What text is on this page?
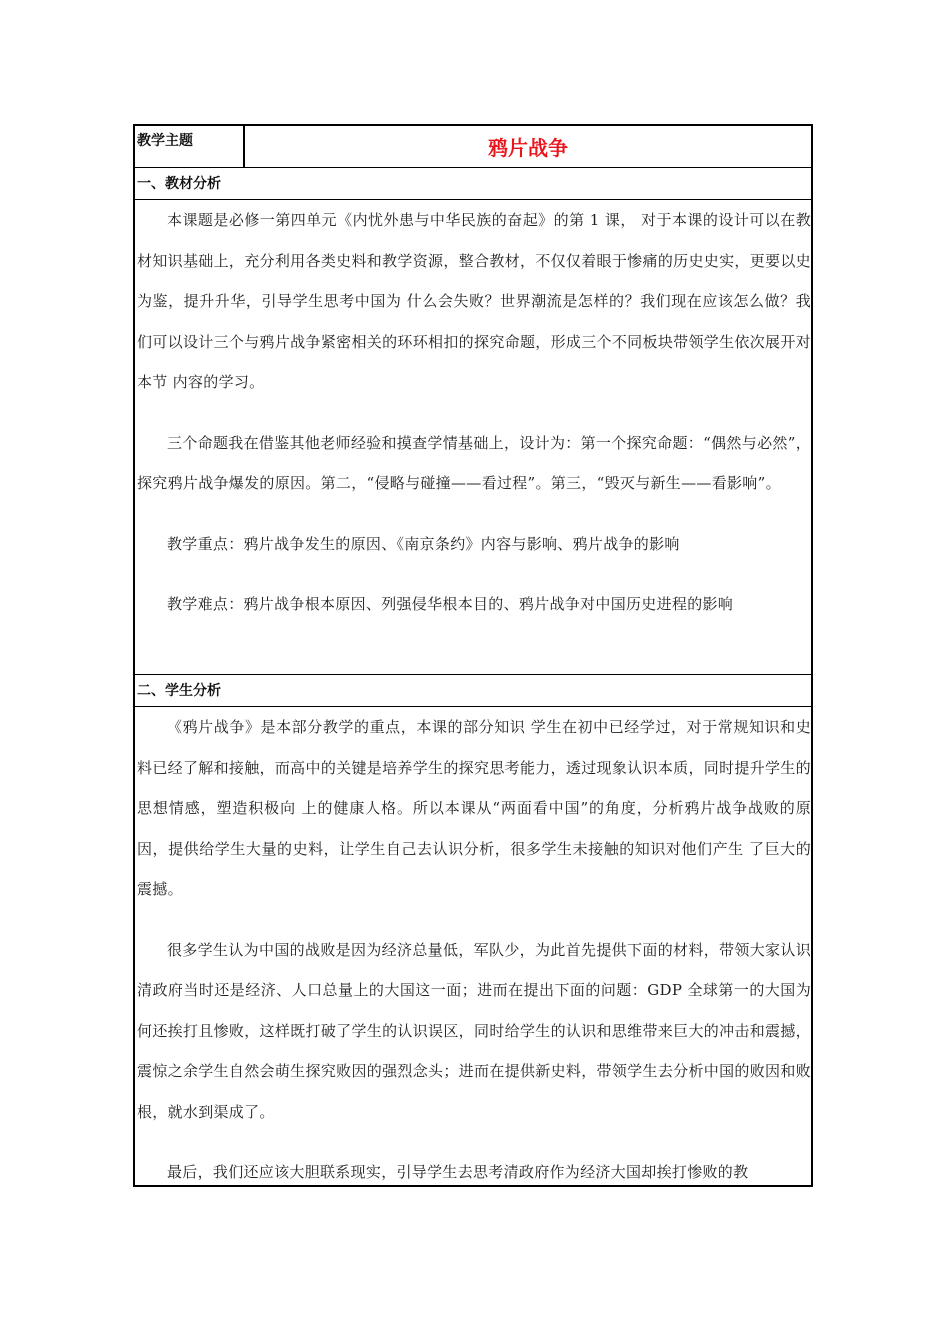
教学主题	鸦片战争
一、教材分析

本课题是必修一第四单元《内忧外患与中华民族的奋起》的第 1 课， 对于本课的设计可以在教材知识基础上，充分利用各类史料和教学资源，整合教材，不仅仅着眼于惨痛的历史史实，更要以史为鉴，提升升华，引导学生思考中国为 什么会失败？世界潮流是怎样的？我们现在应该怎么做？我们可以设计三个与鸦片战争紧密相关的环环相扣的探究命题，形成三个不同板块带领学生依次展开对本节 内容的学习。

三个命题我在借鉴其他老师经验和摸查学情基础上，设计为：第一个探究命题：“偶然与必然”，探究鸦片战争爆发的原因。第二，“侵略与碰撞——看过程”。第三，“毁灭与新生——看影响”。

教学重点：鸦片战争发生的原因、《南京条约》内容与影响、鸦片战争的影响

教学难点：鸦片战争根本原因、列强侵华根本目的、鸦片战争对中国历史进程的影响

二、学生分析

《鸦片战争》是本部分教学的重点，本课的部分知识 学生在初中已经学过，对于常规知识和史料已经了解和接触，而高中的关键是培养学生的探究思考能力，透过现象认识本质，同时提升学生的思想情感，塑造积极向 上的健康人格。所以本课从“两面看中国”的角度，分析鸦片战争战败的原因，提供给学生大量的史料，让学生自己去认识分析，很多学生未接触的知识对他们产生 了巨大的震撼。

很多学生认为中国的战败是因为经济总量低，军队少，为此首先提供下面的材料，带领大家认识清政府当时还是经济、人口总量上的大国这一面；进而在提出下面的问题：GDP 全球第一的大国为何还挨打且惨败，这样既打破了学生的认识误区，同时给学生的认识和思维带来巨大的冲击和震撼，震惊之余学生自然会萌生探究败因的强烈念头；进而在提供新史料，带领学生去分析中国的败因和败根，就水到渠成了。

最后，我们还应该大胆联系现实，引导学生去思考清政府作为经济大国却挨打惨败的教
